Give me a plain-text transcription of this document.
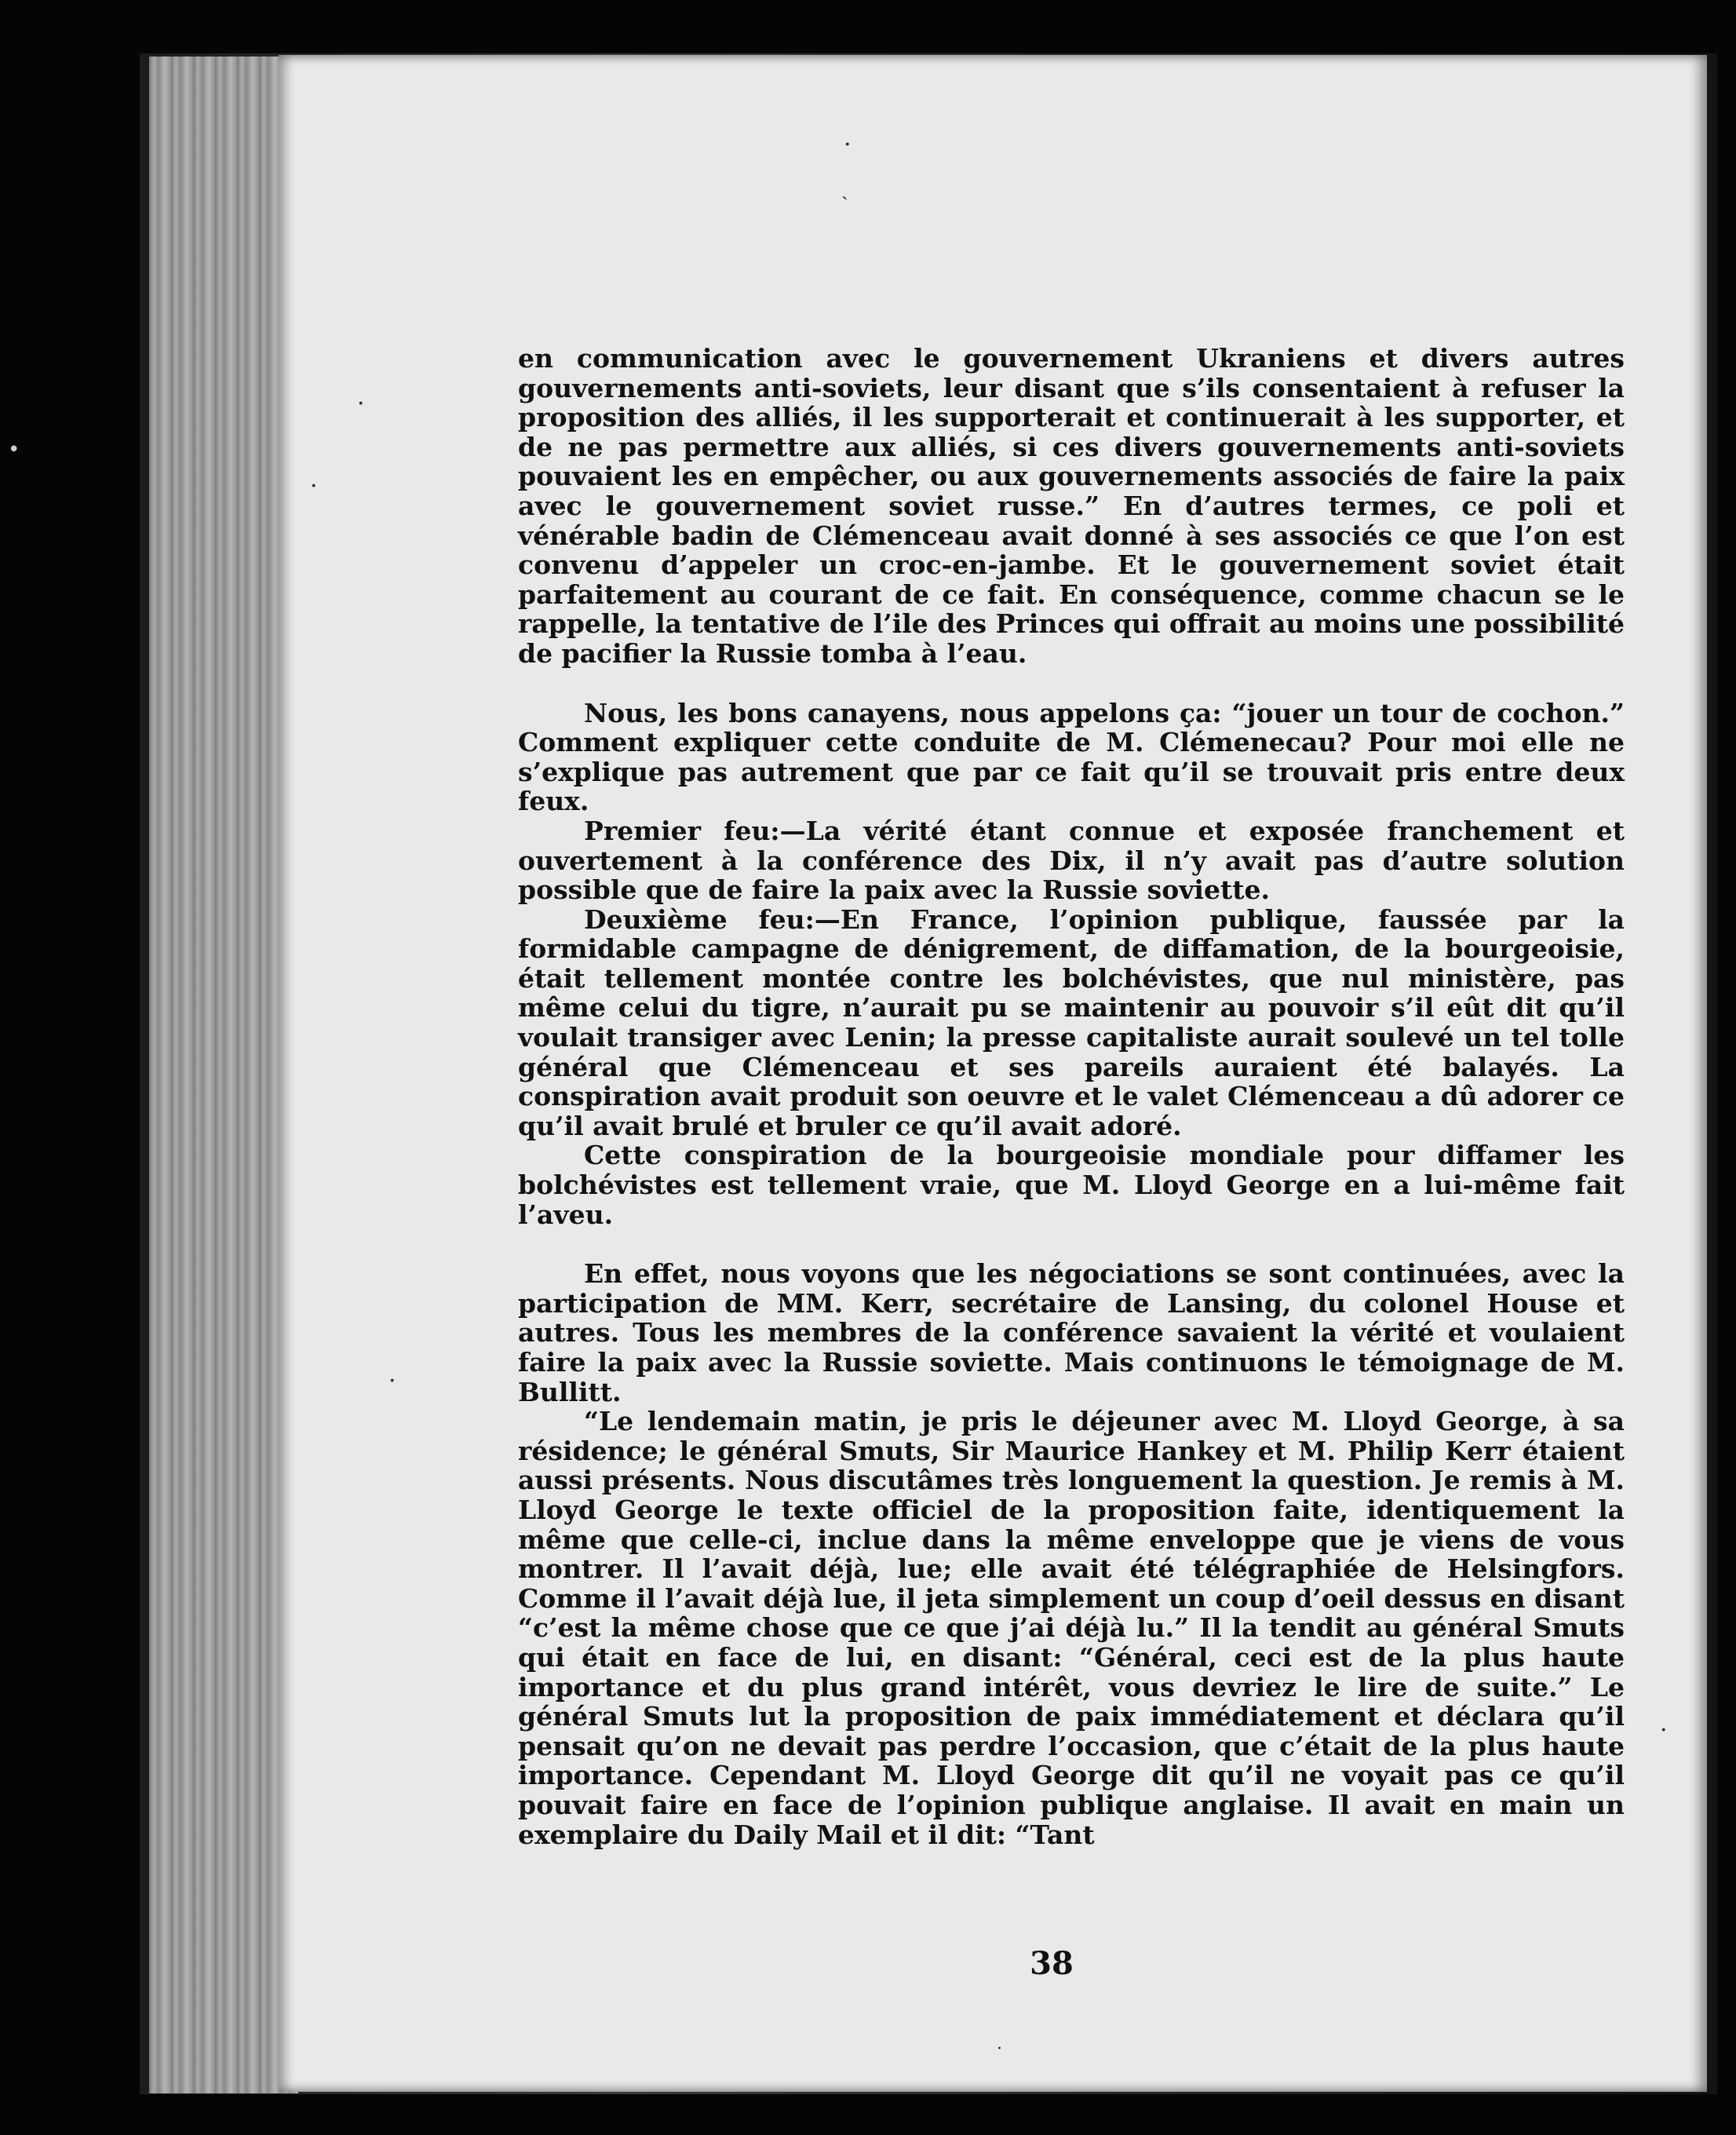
·
ˏ
·
·
·
·
·
•

en communication avec le gouvernement Ukraniens et divers autres gouvernements anti-soviets, leur disant que s’ils consentaient à refuser la proposition des alliés, il les supporterait et continuerait à les supporter, et de ne pas permettre aux alliés, si ces divers gouvernements anti-soviets pouvaient les en empêcher, ou aux gouvernements associés de faire la paix avec le gouvernement soviet russe.” En d’autres termes, ce poli et vénérable badin de Clémenceau avait donné à ses associés ce que l’on est convenu d’appeler un croc-en-jambe. Et le gouvernement soviet était parfaitement au courant de ce fait. En conséquence, comme chacun se le rappelle, la tentative de l’ile des Princes qui offrait au moins une possibilité de pacifier la Russie tomba à l’eau.

Nous, les bons canayens, nous appelons ça: “jouer un tour de cochon.” Comment expliquer cette conduite de M. Clémenecau? Pour moi elle ne s’explique pas autrement que par ce fait qu’il se trouvait pris entre deux feux.

Premier feu:—La vérité étant connue et exposée franchement et ouvertement à la conférence des Dix, il n’y avait pas d’autre solution possible que de faire la paix avec la Russie soviette.

Deuxième feu:—En France, l’opinion publique, faussée par la formidable campagne de dénigrement, de diffamation, de la bourgeoisie, était tellement montée contre les bolchévistes, que nul ministère, pas même celui du tigre, n’aurait pu se maintenir au pouvoir s’il eût dit qu’il voulait transiger avec Lenin; la presse capitaliste aurait soulevé un tel tolle général que Clémenceau et ses pareils auraient été balayés. La conspiration avait produit son oeuvre et le valet Clémenceau a dû adorer ce qu’il avait brulé et bruler ce qu’il avait adoré.

Cette conspiration de la bourgeoisie mondiale pour diffamer les bolchévistes est tellement vraie, que M. Lloyd George en a lui-même fait l’aveu.

En effet, nous voyons que les négociations se sont continuées, avec la participation de MM. Kerr, secrétaire de Lansing, du colonel House et autres. Tous les membres de la conférence savaient la vérité et voulaient faire la paix avec la Russie soviette. Mais continuons le témoignage de M. Bullitt.

“Le lendemain matin, je pris le déjeuner avec M. Lloyd George, à sa résidence; le général Smuts, Sir Maurice Hankey et M. Philip Kerr étaient aussi présents. Nous discutâmes très longuement la question. Je remis à M. Lloyd George le texte officiel de la proposition faite, identiquement la même que celle-ci, inclue dans la même enveloppe que je viens de vous montrer. Il l’avait déjà, lue; elle avait été télégraphiée de Helsingfors. Comme il l’avait déjà lue, il jeta simplement un coup d’oeil dessus en disant “c’est la même chose que ce que j’ai déjà lu.” Il la tendit au général Smuts qui était en face de lui, en disant: “Général, ceci est de la plus haute importance et du plus grand intérêt, vous devriez le lire de suite.” Le général Smuts lut la proposition de paix immédiatement et déclara qu’il pensait qu’on ne devait pas perdre l’occasion, que c’était de la plus haute importance. Cependant M. Lloyd George dit qu’il ne voyait pas ce qu’il pouvait faire en face de l’opinion publique anglaise. Il avait en main un exemplaire du Daily Mail et il dit: “Tant

38
